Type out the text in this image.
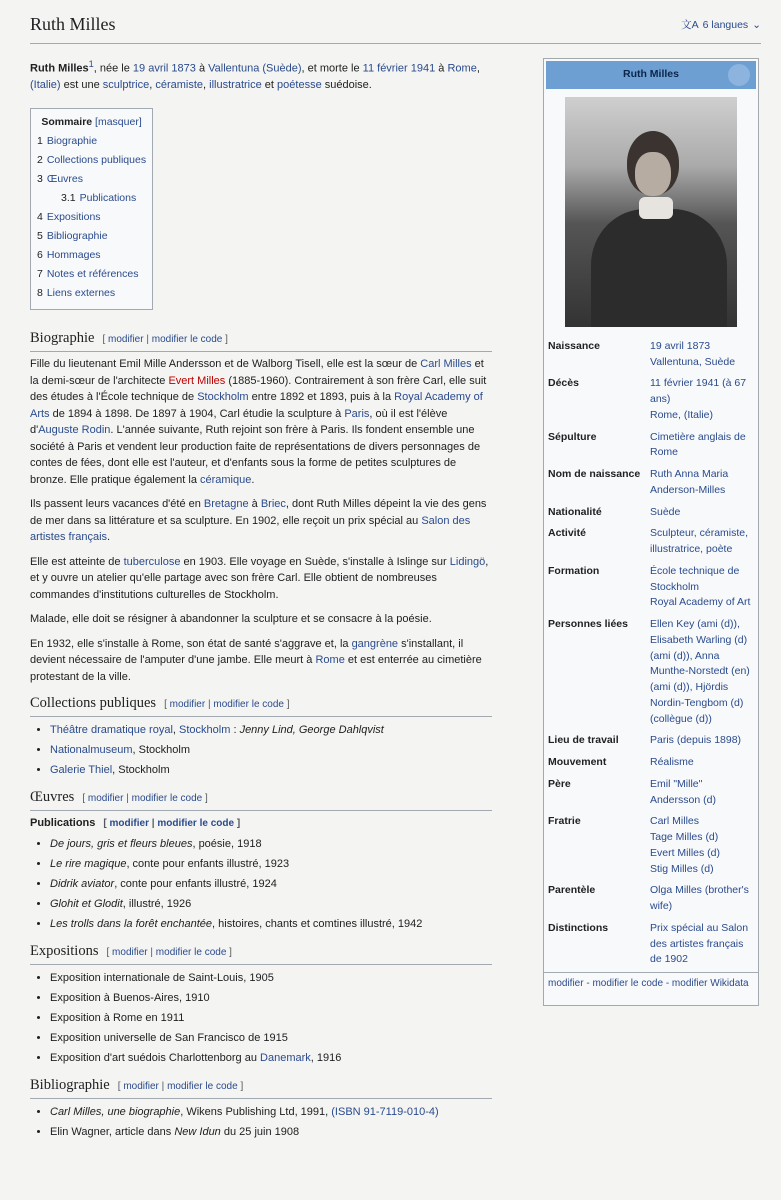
Ruth Milles	文A 6 langues ⌄
Ruth Milles
Naissance	19 avril 1873
Vallentuna, Suède
Décès	11 février 1941 (à 67 ans)
Rome, (Italie)
Sépulture	Cimetière anglais de Rome
Nom de naissance Ruth Anna Maria Anderson-Milles
Nationalité	Suède
Activité	Sculpteur, céramiste, illustratrice, poète
Formation	École technique de Stockholm
Royal Academy of Art
Personnes liées	Ellen Key (ami (d)), Elisabeth Warling (d) (ami (d)), Anna Munthe-Norstedt (en) (ami (d)), Hjördis Nordin-Tengbom (d) (collègue (d))
Lieu de travail	Paris (depuis 1898)
Mouvement	Réalisme
Père	Emil "Mille" Andersson (d)
Fratrie	Carl Milles
Tage Milles (d)
Evert Milles (d)
Stig Milles (d)
Parentèle	Olga Milles (brother's wife)
Distinctions	Prix spécial au Salon des artistes français de 1902
modifier - modifier le code - modifier Wikidata

Ruth Milles$^1$, née le 19 avril 1873 à Vallentuna (Suède), et morte le 11 février 1941 à Rome, (Italie) est une sculptrice, céramiste, illustratrice et poétesse suédoise.

Sommaire [masquer]
1 Biographie
2 Collections publiques
3 Œuvres
3.1 Publications
4 Expositions
5 Bibliographie
6 Hommages
7 Notes et références
8 Liens externes
Biographie [ modifier | modifier le code ]

Fille du lieutenant Emil Mille Andersson et de Walborg Tisell, elle est la sœur de Carl Milles et la demi-sœur de l'architecte Evert Milles (1885-1960). Contrairement à son frère Carl, elle suit des études à l'École technique de Stockholm entre 1892 et 1893, puis à la Royal Academy of Arts de 1894 à 1898. De 1897 à 1904, Carl étudie la sculpture à Paris, où il est l'élève d'Auguste Rodin. L'année suivante, Ruth rejoint son frère à Paris. Ils fondent ensemble une société à Paris et vendent leur production faite de représentations de divers personnages de contes de fées, dont elle est l'auteur, et d'enfants sous la forme de petites sculptures de bronze. Elle pratique également la céramique.

Ils passent leurs vacances d'été en Bretagne à Briec, dont Ruth Milles dépeint la vie des gens de mer dans sa littérature et sa sculpture. En 1902, elle reçoit un prix spécial au Salon des artistes français.

Elle est atteinte de tuberculose en 1903. Elle voyage en Suède, s'installe à Islinge sur Lidingö, et y ouvre un atelier qu'elle partage avec son frère Carl. Elle obtient de nombreuses commandes d'institutions culturelles de Stockholm.

Malade, elle doit se résigner à abandonner la sculpture et se consacre à la poésie.

En 1932, elle s'installe à Rome, son état de santé s'aggrave et, la gangrène s'installant, il devient nécessaire de l'amputer d'une jambe. Elle meurt à Rome et est enterrée au cimetière protestant de la ville.

Collections publiques [ modifier | modifier le code ]
• Théâtre dramatique royal, Stockholm : Jenny Lind, George Dahlqvist
• Nationalmuseum, Stockholm
• Galerie Thiel, Stockholm
Œuvres [ modifier | modifier le code ]
Publications [ modifier | modifier le code ]
• De jours, gris et fleurs bleues, poésie, 1918
• Le rire magique, conte pour enfants illustré, 1923
• Didrik aviator, conte pour enfants illustré, 1924
• Glohit et Glodit, illustré, 1926
• Les trolls dans la forêt enchantée, histoires, chants et comtines illustré, 1942
Expositions [ modifier | modifier le code ]
• Exposition internationale de Saint-Louis, 1905
• Exposition à Buenos-Aires, 1910
• Exposition à Rome en 1911
• Exposition universelle de San Francisco de 1915
• Exposition d'art suédois Charlottenborg au Danemark, 1916
Bibliographie [ modifier | modifier le code ]
• Carl Milles, une biographie, Wikens Publishing Ltd, 1991, (ISBN 91-7119-010-4)
• Elin Wagner, article dans New Idun du 25 juin 1908
